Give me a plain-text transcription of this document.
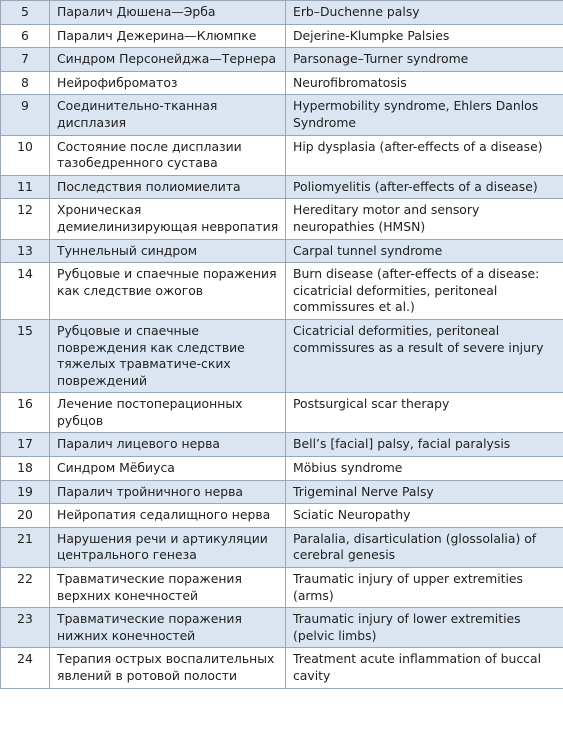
5	Паралич Дюшена—Эрба	Erb–Duchenne palsy
6	Паралич Дежерина—Клюмпке	Dejerine-Klumpke Palsies
7	Синдром Персонейджа—Тернера	Parsonage–Turner syndrome
8	Нейрофиброматоз	Neurofibromatosis
9	Соединительно-тканная дисплазия	Hypermobility syndrome, Ehlers Danlos Syndrome
10	Состояние после дисплазии тазобедренного сустава	Hip dysplasia (after-effects of a disease)
11	Последствия полиомиелита	Poliomyelitis (after-effects of a disease)
12	Хроническая демиелинизирующая невропатия	Hereditary motor and sensory neuropathies (HMSN)
13	Туннельный синдром	Carpal tunnel syndrome
14	Рубцовые и спаечные поражения как следствие ожогов	Burn disease (after-effects of a disease: cicatricial deformities, peritoneal commissures et al.)
15	Рубцовые и спаечные повреждения как следствие тяжелых травматиче-ских повреждений	Cicatricial deformities, peritoneal commissures as a result of severe injury
16	Лечение постоперационных рубцов	Postsurgical scar therapy
17	Паралич лицевого нерва	Bell’s [facial] palsy, facial paralysis
18	Синдром Мёбиуса	Möbius syndrome
19	Паралич тройничного нерва	Trigeminal Nerve Palsy
20	Нейропатия седалищного нерва	Sciatic Neuropathy
21	Нарушения речи и артикуляции центрального генеза	Paralalia, disarticulation (glossolalia) of cerebral genesis
22	Травматические поражения верхних конечностей	Traumatic injury of upper extremities (arms)
23	Травматические поражения нижних конечностей	Traumatic injury of lower extremities (pelvic limbs)
24	Терапия острых воспалительных явлений в ротовой полости	Treatment acute inflammation of buccal cavity
